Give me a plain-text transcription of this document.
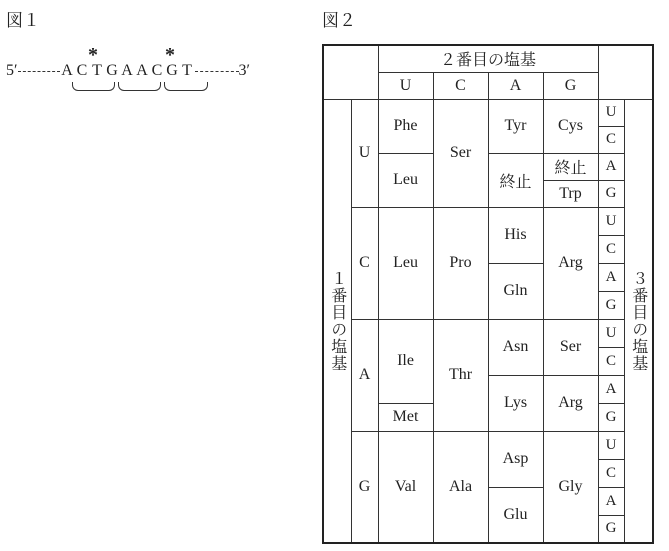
図１	図２
5′	A C T G A A C G T	3′
*	*
		２番目の塩基					
		U	C	A	G		

１番目の塩基	U	Phe	Ser	Tyr	Cys	U	３番目の塩基

						C	
		Leu		終止	終止	A	
					Trp	G	
	C	Leu	Pro	His	Arg	U	
						C	
				Gln		A	
						G	
	A	Ile	Thr	Asn	Ser	U	
						C	
				Lys	Arg	A	
		Met				G	
	G	Val	Ala	Asp	Gly	U	
						C	
				Glu		A	
						G	
